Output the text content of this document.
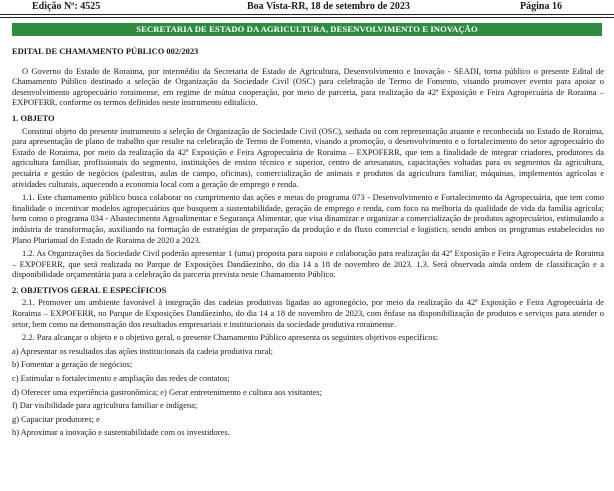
Edição Nº: 4525	Boa Vista-RR, 18 de setembro de 2023	Página 16
SECRETARIA DE ESTADO DA AGRICULTURA, DESENVOLVIMENTO E INOVAÇÃO

EDITAL DE CHAMAMENTO PÚBLICO 002/2023

O Governo do Estado de Roraima, por intermédio da Secretaria de Estado de Agricultura, Desenvolvimento e Inovação - SEADI, torna público o presente Edital de Chamamento Público destinado a seleção de Organização da Sociedade Civil (OSC) para celebração de Termo de Fomento, visando promover evento para apoiar o desenvolvimento agropecuário roraimense, em regime de mútua cooperação, por meio de parceria, para realização da 42ª Exposição e Feira Agropecuária de Roraima – EXPOFERR, conforme os termos definidos neste instrumento editalício.

1. OBJETO

Constitui objeto do presente instrumento a seleção de Organização de Sociedade Civil (OSC), sediada ou com representação atuante e reconhecida no Estado de Roraima, para apresentação de plano de trabalho que resulte na celebração de Termo de Fomento, visando a promoção, o desenvolvimento e o fortalecimento do setor agropecuário do Estado de Roraima, por meio da realização da 42ª Exposição e Feira Agropecuária de Roraima – EXPOFERR, que tem a finalidade de integrar criadores, produtores da agricultura familiar, profissionais do segmento, instituições de ensino técnico e superior, centro de artesanatos, capacitações voltadas para os segmentos da agricultura, pecuária e gestão de negócios (palestras, aulas de campo, oficinas), comercialização de animais e produtos da agricultura familiar, máquinas, implementos agrícolas e atividades culturais, aquecendo a economia local com a geração de emprego e renda.

1.1. Este chamamento público busca colaborar no cumprimento das ações e metas do programa 073 - Desenvolvimento e Fortalecimento da Agropecuária, que tem como finalidade o incentivar modelos agropecuários que busquem a sustentabilidade, geração de emprego e renda, com foco na melhoria da qualidade de vida da família agrícola; bem como o programa 034 - Abastecimento Agroalimentar e Segurança Alimentar, que visa dinamizar e organizar a comercialização de produtos agropecuários, estimulando a indústria de transformação, auxiliando na formação de estratégias de preparação da produção e do fluxo comercial e logístico, sendo ambos os programas estabelecidos no Plano Plurianual do Estado de Roraima de 2020 a 2023.

1.2. As Organizações da Sociedade Civil poderão apresentar 1 (uma) proposta para oapoio e colaboração para realização da 42ª Exposição e Feira Agropecuária de Roraima – EXPOFERR, que será realizada no Parque de Exposições Dandãezinho, do dia 14 a 18 de novembro de 2023. 1.3. Será observada ainda ordem de classificação e a disponibilidade orçamentária para a celebração da parceria prevista neste Chamamento Público.

2. OBJETIVOS GERAL E ESPECÍFICOS

2.1. Promover um ambiente favorável à integração das cadeias produtivas ligadas ao agronegócio, por meio da realização da 42ª Exposição e Feira Agropecuária de Roraima – EXPOFERR, no Parque de Exposições Dandãezinho, do dia 14 a 18 de novembro de 2023, com ênfase na disponibilização de produtos e serviços para atender o setor, bem como na demonstração dos resultados empresariais e institucionais da sociedade produtiva roraimense.

2.2. Para alcançar o objeto e o objetivo geral, o presente Chamamento Público apresenta os seguintes objetivos específicos:

a) Apresentar os resultados das ações institucionais da cadeia produtiva rural;

b) Fomentar a geração de negócios;

c) Estimular o fortalecimento e ampliação das redes de contatos;

d) Oferecer uma experiência gastronômica; e) Gerar entretenimento e cultura aos visitantes;

f) Dar visibilidade para agricultura familiar e indígena;

g) Capacitar produtores; e

h) Aproximar a inovação e sustentabilidade com os investidores.
